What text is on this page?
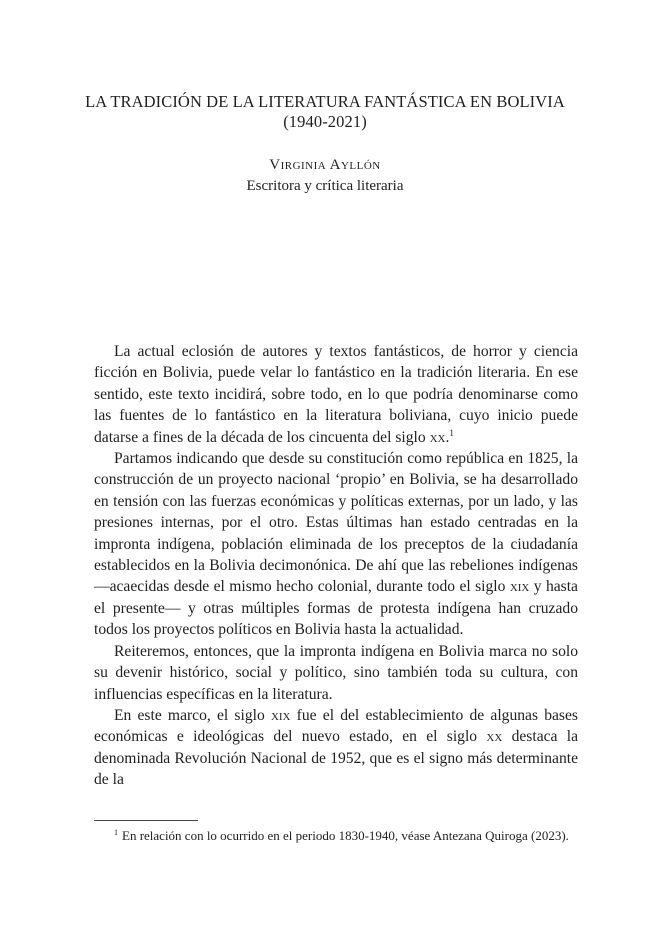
LA TRADICIÓN DE LA LITERATURA FANTÁSTICA EN BOLIVIA
(1940-2021)
Virginia Ayllón
Escritora y crítica literaria

La actual eclosión de autores y textos fantásticos, de horror y ciencia ficción en Bolivia, puede velar lo fantástico en la tradición literaria. En ese sentido, este texto incidirá, sobre todo, en lo que podría denominarse como las fuentes de lo fantástico en la literatura boliviana, cuyo inicio puede datarse a fines de la década de los cincuenta del siglo xx.$^1$

Partamos indicando que desde su constitución como república en 1825, la construcción de un proyecto nacional ‘propio’ en Bolivia, se ha desarrollado en tensión con las fuerzas económicas y políticas externas, por un lado, y las presiones internas, por el otro. Estas últimas han estado centradas en la impronta indígena, población eliminada de los preceptos de la ciudadanía establecidos en la Bolivia decimonónica. De ahí que las rebeliones indígenas —acaecidas desde el mismo hecho colonial, durante todo el siglo xix y hasta el presente— y otras múltiples formas de protesta indígena han cruzado todos los proyectos políticos en Bolivia hasta la actualidad.

Reiteremos, entonces, que la impronta indígena en Bolivia marca no solo su devenir histórico, social y político, sino también toda su cultura, con influencias específicas en la literatura.

En este marco, el siglo xix fue el del establecimiento de algunas bases económicas e ideológicas del nuevo estado, en el siglo xx destaca la denominada Revolución Nacional de 1952, que es el signo más determinante de la

$^1$ En relación con lo ocurrido en el periodo 1830-1940, véase Antezana Quiroga (2023).
